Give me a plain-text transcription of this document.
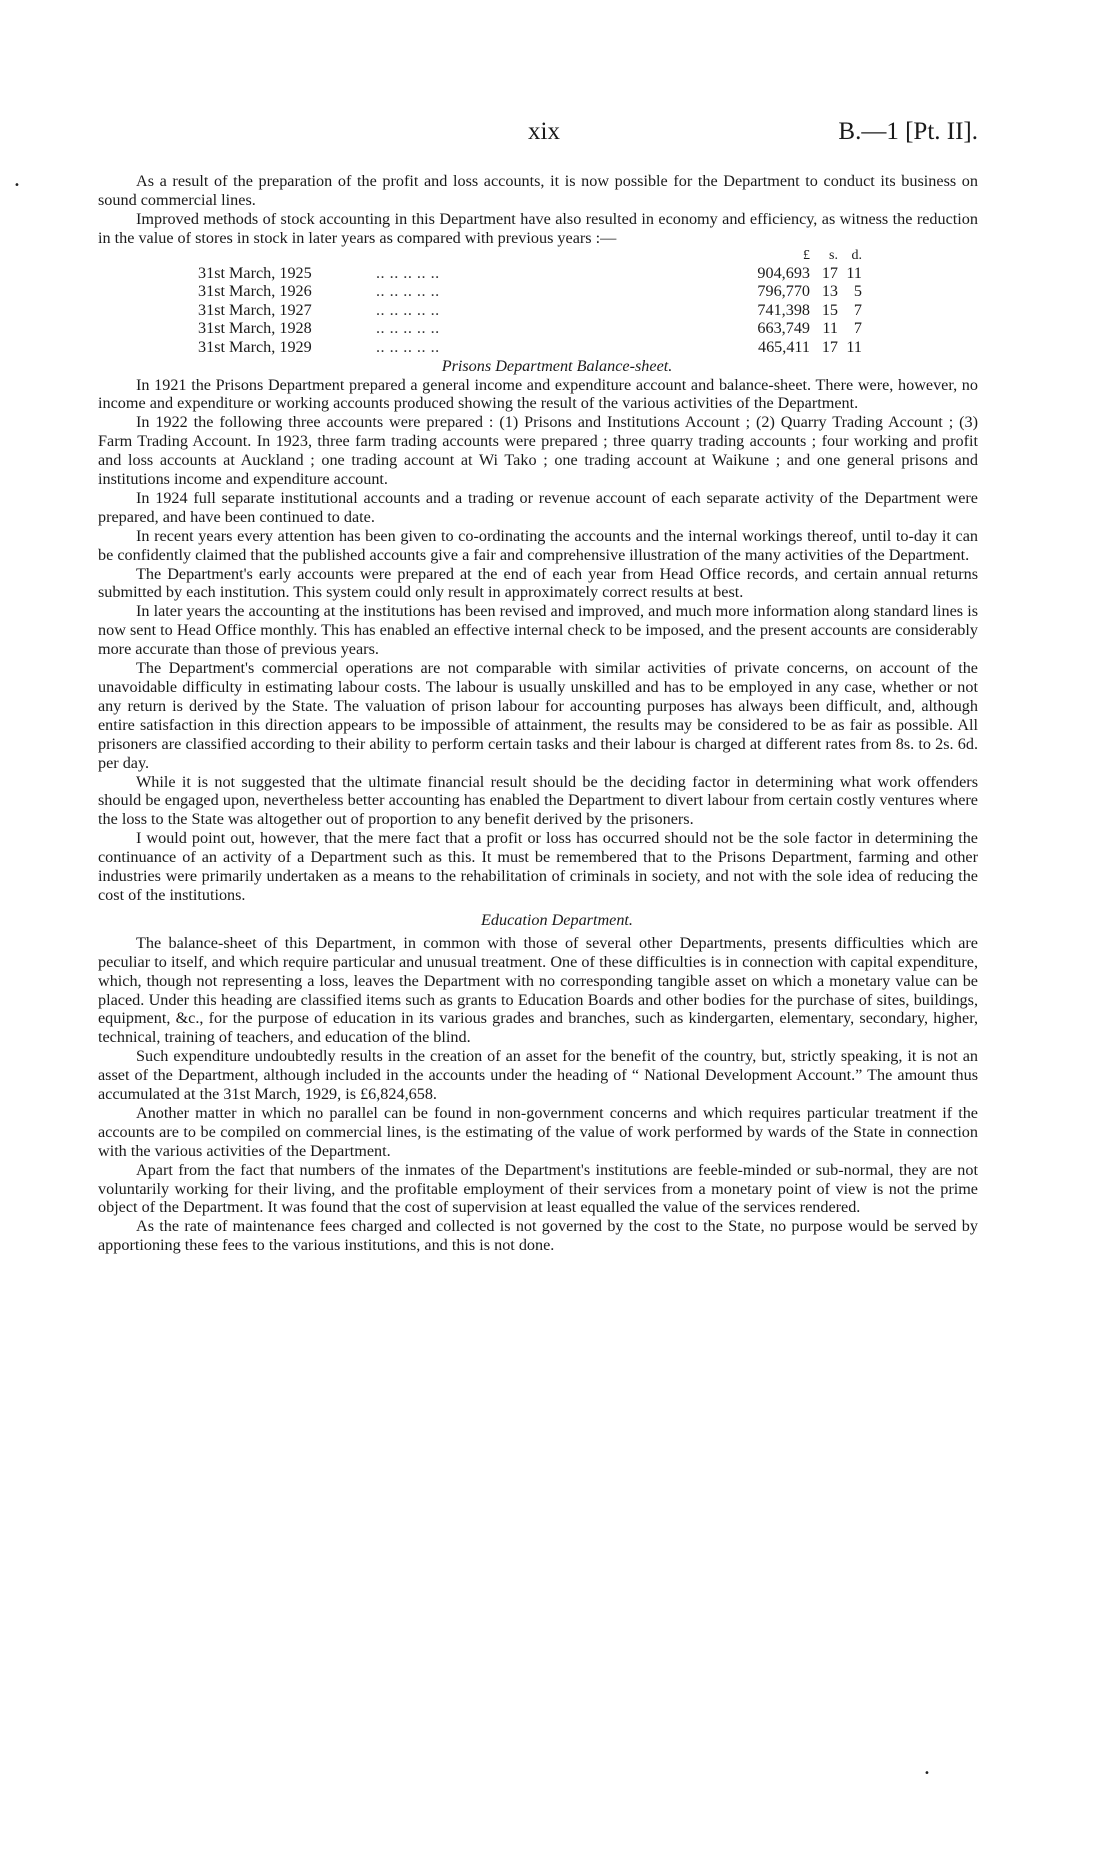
•
xix	B.—1 [Pt. II].

As a result of the preparation of the profit and loss accounts, it is now possible for the Department to conduct its business on sound commercial lines.

Improved methods of stock accounting in this Department have also resulted in economy and efficiency, as witness the reduction in the value of stores in stock in later years as compared with previous years :—

		£	s.	d.
31st March, 1925	.. .. .. .. ..	904,693	17	11
31st March, 1926	.. .. .. .. ..	796,770	13	5
31st March, 1927	.. .. .. .. ..	741,398	15	7
31st March, 1928	.. .. .. .. ..	663,749	11	7
31st March, 1929	.. .. .. .. ..	465,411	17	11

Prisons Department Balance-sheet.

In 1921 the Prisons Department prepared a general income and expenditure account and balance-sheet. There were, however, no income and expenditure or working accounts produced showing the result of the various activities of the Department.

In 1922 the following three accounts were prepared : (1) Prisons and Institutions Account ; (2) Quarry Trading Account ; (3) Farm Trading Account. In 1923, three farm trading accounts were prepared ; three quarry trading accounts ; four working and profit and loss accounts at Auckland ; one trading account at Wi Tako ; one trading account at Waikune ; and one general prisons and institutions income and expenditure account.

In 1924 full separate institutional accounts and a trading or revenue account of each separate activity of the Department were prepared, and have been continued to date.

In recent years every attention has been given to co-ordinating the accounts and the internal workings thereof, until to-day it can be confidently claimed that the published accounts give a fair and comprehensive illustration of the many activities of the Department.

The Department's early accounts were prepared at the end of each year from Head Office records, and certain annual returns submitted by each institution. This system could only result in approximately correct results at best.

In later years the accounting at the institutions has been revised and improved, and much more information along standard lines is now sent to Head Office monthly. This has enabled an effective internal check to be imposed, and the present accounts are considerably more accurate than those of previous years.

The Department's commercial operations are not comparable with similar activities of private concerns, on account of the unavoidable difficulty in estimating labour costs. The labour is usually unskilled and has to be employed in any case, whether or not any return is derived by the State. The valuation of prison labour for accounting purposes has always been difficult, and, although entire satisfaction in this direction appears to be impossible of attainment, the results may be considered to be as fair as possible. All prisoners are classified according to their ability to perform certain tasks and their labour is charged at different rates from 8s. to 2s. 6d. per day.

While it is not suggested that the ultimate financial result should be the deciding factor in determining what work offenders should be engaged upon, nevertheless better accounting has enabled the Department to divert labour from certain costly ventures where the loss to the State was altogether out of proportion to any benefit derived by the prisoners.

I would point out, however, that the mere fact that a profit or loss has occurred should not be the sole factor in determining the continuance of an activity of a Department such as this. It must be remembered that to the Prisons Department, farming and other industries were primarily undertaken as a means to the rehabilitation of criminals in society, and not with the sole idea of reducing the cost of the institutions.

Education Department.

The balance-sheet of this Department, in common with those of several other Departments, presents difficulties which are peculiar to itself, and which require particular and unusual treatment. One of these difficulties is in connection with capital expenditure, which, though not representing a loss, leaves the Department with no corresponding tangible asset on which a monetary value can be placed. Under this heading are classified items such as grants to Education Boards and other bodies for the purchase of sites, buildings, equipment, &c., for the purpose of education in its various grades and branches, such as kindergarten, elementary, secondary, higher, technical, training of teachers, and education of the blind.

Such expenditure undoubtedly results in the creation of an asset for the benefit of the country, but, strictly speaking, it is not an asset of the Department, although included in the accounts under the heading of “ National Development Account.” The amount thus accumulated at the 31st March, 1929, is £6,824,658.

Another matter in which no parallel can be found in non-government concerns and which requires particular treatment if the accounts are to be compiled on commercial lines, is the estimating of the value of work performed by wards of the State in connection with the various activities of the Department.

Apart from the fact that numbers of the inmates of the Department's institutions are feeble-minded or sub-normal, they are not voluntarily working for their living, and the profitable employment of their services from a monetary point of view is not the prime object of the Department. It was found that the cost of supervision at least equalled the value of the services rendered.

As the rate of maintenance fees charged and collected is not governed by the cost to the State, no purpose would be served by apportioning these fees to the various institutions, and this is not done.

•
